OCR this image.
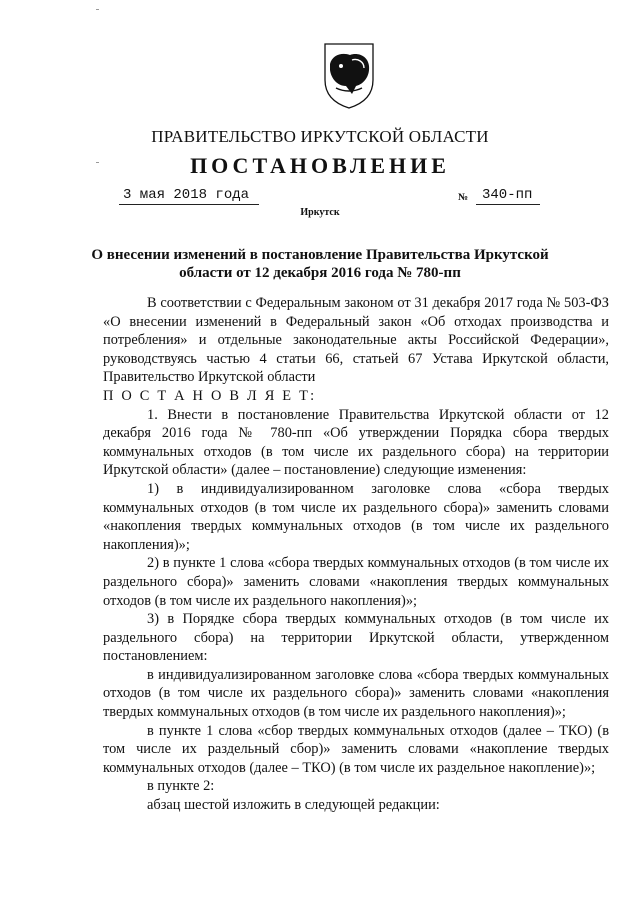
ПРАВИТЕЛЬСТВО ИРКУТСКОЙ ОБЛАСТИ
ПОСТАНОВЛЕНИЕ
3 мая 2018 года	№ 340-пп
Иркутск
О внесении изменений в постановление Правительства Иркутской области от 12 декабря 2016 года № 780-пп

В соответствии с Федеральным законом от 31 декабря 2017 года № 503-ФЗ «О внесении изменений в Федеральный закон «Об отходах производства и потребления» и отдельные законодательные акты Российской Федерации», руководствуясь частью 4 статьи 66, статьей 67 Устава Иркутской области, Правительство Иркутской области

П О С Т А Н О В Л Я Е Т:

1. Внести в постановление Правительства Иркутской области от 12 декабря 2016 года № 780-пп «Об утверждении Порядка сбора твердых коммунальных отходов (в том числе их раздельного сбора) на территории Иркутской области» (далее – постановление) следующие изменения:

1) в индивидуализированном заголовке слова «сбора твердых коммунальных отходов (в том числе их раздельного сбора)» заменить словами «накопления твердых коммунальных отходов (в том числе их раздельного накопления)»;

2) в пункте 1 слова «сбора твердых коммунальных отходов (в том числе их раздельного сбора)» заменить словами «накопления твердых коммунальных отходов (в том числе их раздельного накопления)»;

3) в Порядке сбора твердых коммунальных отходов (в том числе их раздельного сбора) на территории Иркутской области, утвержденном постановлением:

в индивидуализированном заголовке слова «сбора твердых коммунальных отходов (в том числе их раздельного сбора)» заменить словами «накопления твердых коммунальных отходов (в том числе их раздельного накопления)»;

в пункте 1 слова «сбор твердых коммунальных отходов (далее – ТКО) (в том числе их раздельный сбор)» заменить словами «накопление твердых коммунальных отходов (далее – ТКО) (в том числе их раздельное накопление)»;

в пункте 2:

абзац шестой изложить в следующей редакции:
